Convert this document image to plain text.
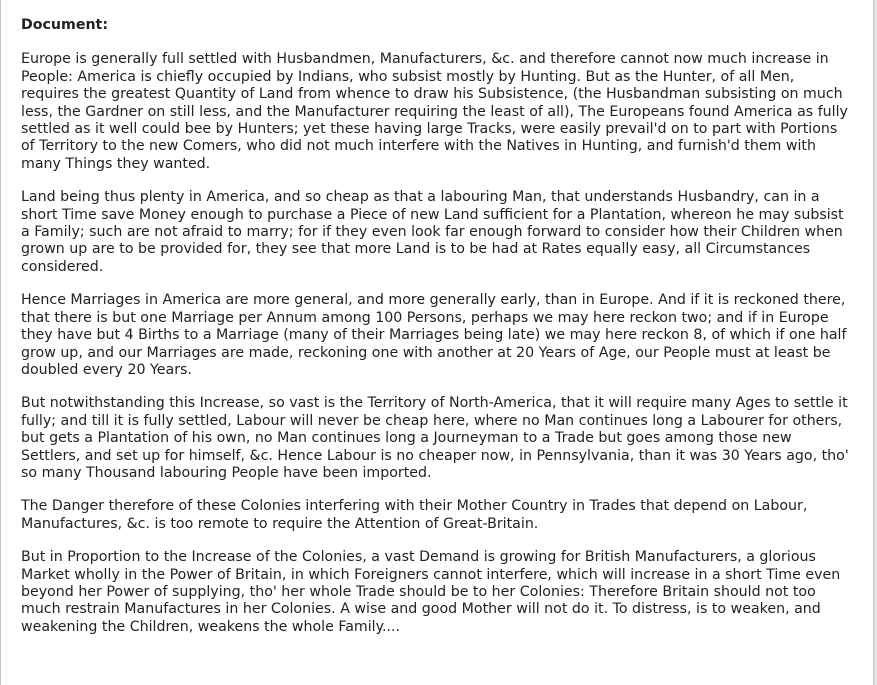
Document:

Europe is generally full settled with Husbandmen, Manufacturers, &c. and therefore cannot now much increase in People: America is chiefly occupied by Indians, who subsist mostly by Hunting. But as the Hunter, of all Men, requires the greatest Quantity of Land from whence to draw his Subsistence, (the Husbandman subsisting on much less, the Gardner on still less, and the Manufacturer requiring the least of all), The Europeans found America as fully settled as it well could bee by Hunters; yet these having large Tracks, were easily prevail'd on to part with Portions of Territory to the new Comers, who did not much interfere with the Natives in Hunting, and furnish'd them with many Things they wanted.

Land being thus plenty in America, and so cheap as that a labouring Man, that understands Husbandry, can in a short Time save Money enough to purchase a Piece of new Land sufficient for a Plantation, whereon he may subsist a Family; such are not afraid to marry; for if they even look far enough forward to consider how their Children when grown up are to be provided for, they see that more Land is to be had at Rates equally easy, all Circumstances considered.

Hence Marriages in America are more general, and more generally early, than in Europe. And if it is reckoned there, that there is but one Marriage per Annum among 100 Persons, perhaps we may here reckon two; and if in Europe they have but 4 Births to a Marriage (many of their Marriages being late) we may here reckon 8, of which if one half grow up, and our Marriages are made, reckoning one with another at 20 Years of Age, our People must at least be doubled every 20 Years.

But notwithstanding this Increase, so vast is the Territory of North-America, that it will require many Ages to settle it fully; and till it is fully settled, Labour will never be cheap here, where no Man continues long a Labourer for others, but gets a Plantation of his own, no Man continues long a Journeyman to a Trade but goes among those new Settlers, and set up for himself, &c. Hence Labour is no cheaper now, in Pennsylvania, than it was 30 Years ago, tho' so many Thousand labouring People have been imported.

The Danger therefore of these Colonies interfering with their Mother Country in Trades that depend on Labour, Manufactures, &c. is too remote to require the Attention of Great-Britain.

But in Proportion to the Increase of the Colonies, a vast Demand is growing for British Manufacturers, a glorious Market wholly in the Power of Britain, in which Foreigners cannot interfere, which will increase in a short Time even beyond her Power of supplying, tho' her whole Trade should be to her Colonies: Therefore Britain should not too much restrain Manufactures in her Colonies. A wise and good Mother will not do it. To distress, is to weaken, and weakening the Children, weakens the whole Family....
